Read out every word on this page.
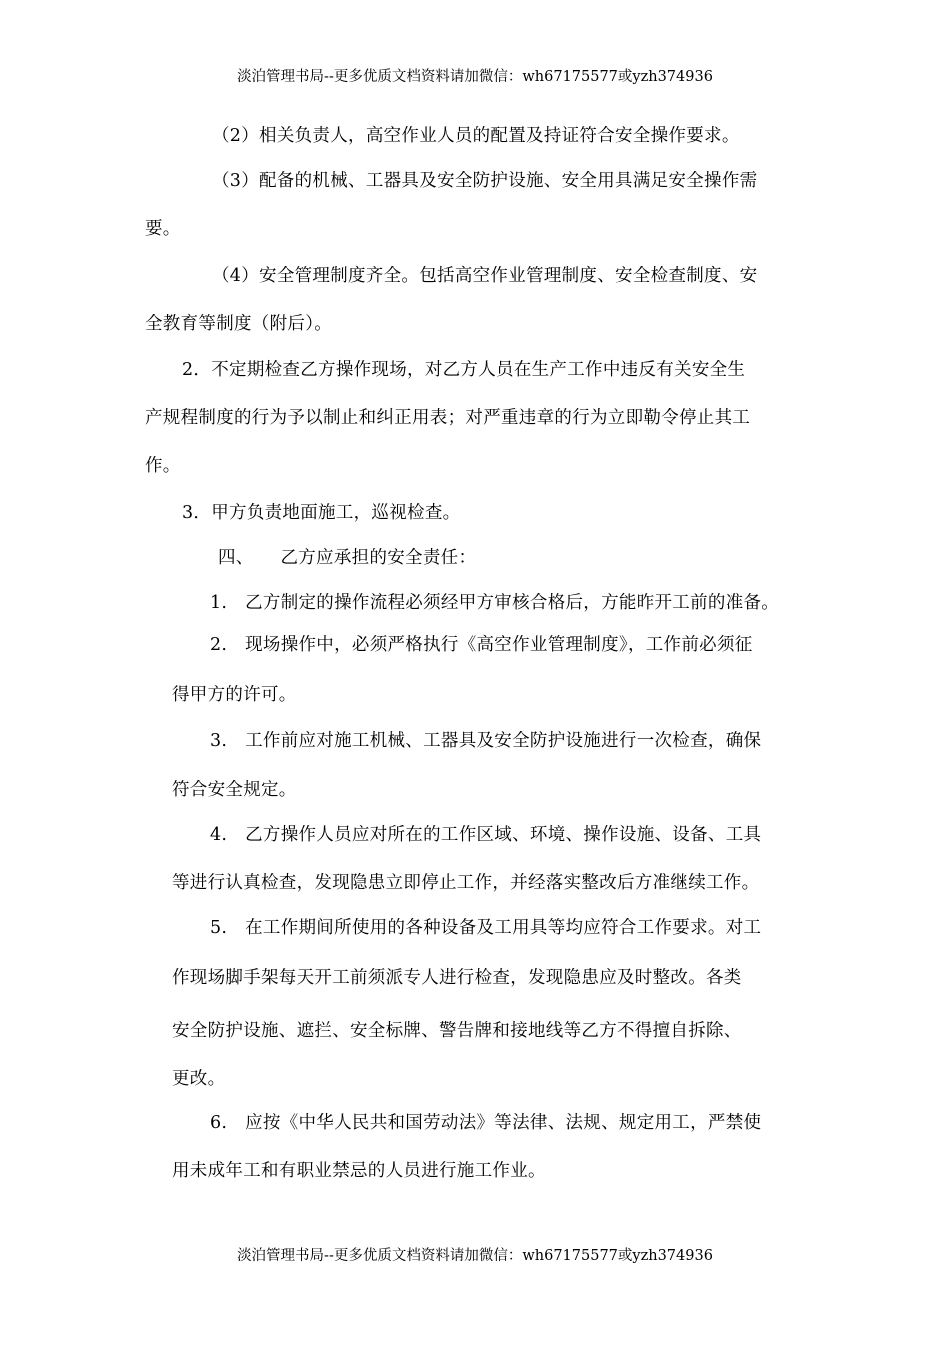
淡泊管理书局--更多优质文档资料请加微信：wh67175577或yzh374936
（2）相关负责人，高空作业人员的配置及持证符合安全操作要求。
（3）配备的机械、工器具及安全防护设施、安全用具满足安全操作需
要。
（4）安全管理制度齐全。包括高空作业管理制度、安全检查制度、安
全教育等制度（附后）。
2．不定期检查乙方操作现场，对乙方人员在生产工作中违反有关安全生
产规程制度的行为予以制止和纠正用表；对严重违章的行为立即勒令停止其工
作。
3．甲方负责地面施工，巡视检查。
四、　　乙方应承担的安全责任：
1.　乙方制定的操作流程必须经甲方审核合格后，方能昨开工前的准备。
2.　现场操作中，必须严格执行《高空作业管理制度》，工作前必须征
得甲方的许可。
3.　工作前应对施工机械、工器具及安全防护设施进行一次检查，确保
符合安全规定。
4.　乙方操作人员应对所在的工作区域、环境、操作设施、设备、工具
等进行认真检查，发现隐患立即停止工作，并经落实整改后方准继续工作。
5.　在工作期间所使用的各种设备及工用具等均应符合工作要求。对工
作现场脚手架每天开工前须派专人进行检查，发现隐患应及时整改。各类
安全防护设施、遮拦、安全标牌、警告牌和接地线等乙方不得擅自拆除、
更改。
6.　应按《中华人民共和国劳动法》等法律、法规、规定用工，严禁使
用未成年工和有职业禁忌的人员进行施工作业。
淡泊管理书局--更多优质文档资料请加微信：wh67175577或yzh374936
